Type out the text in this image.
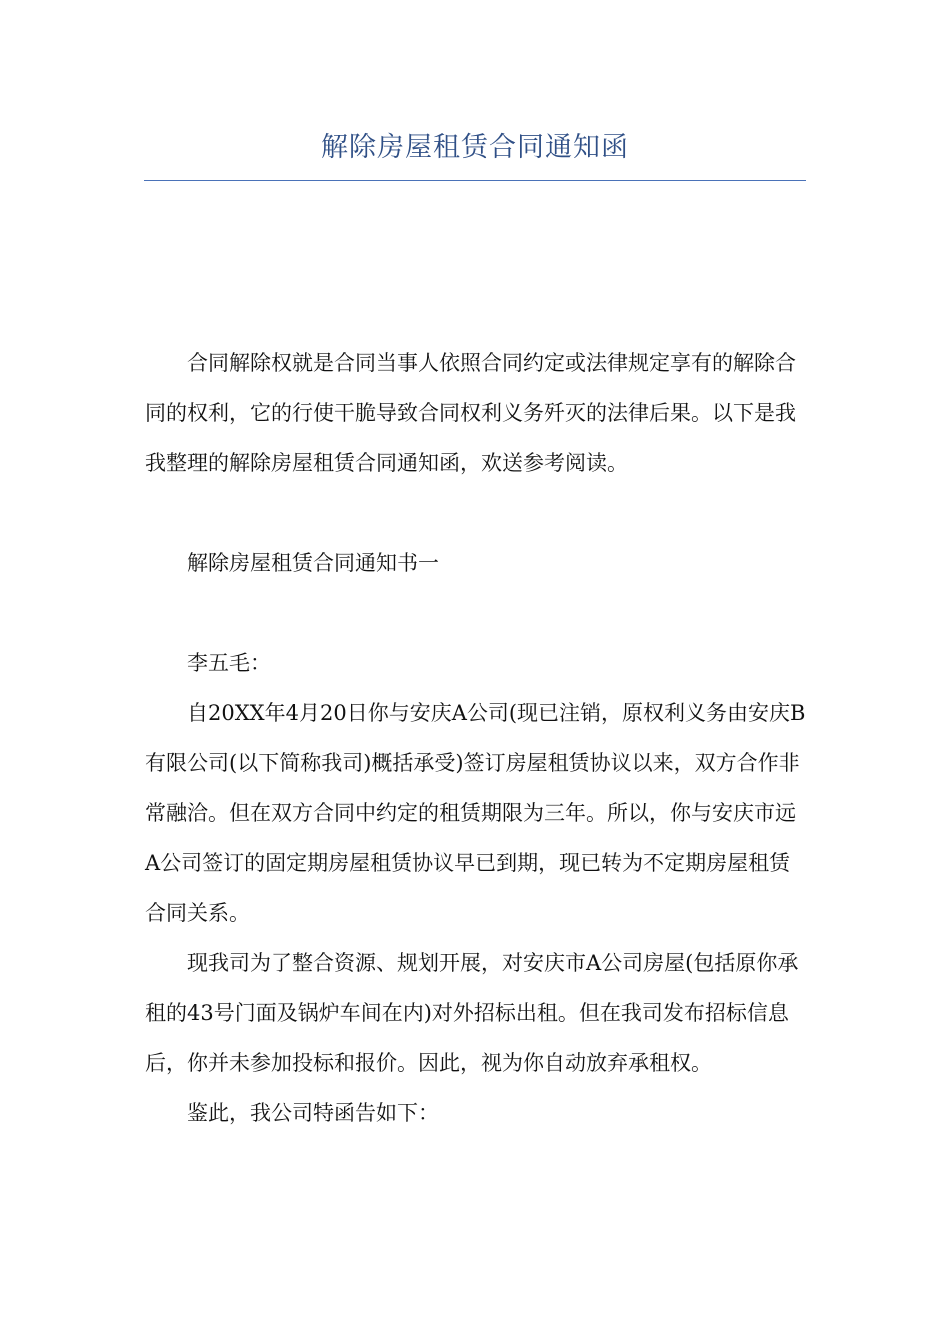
解除房屋租赁合同通知函

合同解除权就是合同当事人依照合同约定或法律规定享有的解除合同的权利，它的行使干脆导致合同权利义务歼灭的法律后果。以下是我我整理的解除房屋租赁合同通知函，欢送参考阅读。

解除房屋租赁合同通知书一

李五毛：

自20XX年4月20日你与安庆A公司(现已注销，原权利义务由安庆B有限公司(以下简称我司)概括承受)签订房屋租赁协议以来，双方合作非常融洽。但在双方合同中约定的租赁期限为三年。所以，你与安庆市远A公司签订的固定期房屋租赁协议早已到期，现已转为不定期房屋租赁合同关系。

现我司为了整合资源、规划开展，对安庆市A公司房屋(包括原你承租的43号门面及锅炉车间在内)对外招标出租。但在我司发布招标信息后，你并未参加投标和报价。因此，视为你自动放弃承租权。

鉴此，我公司特函告如下：
